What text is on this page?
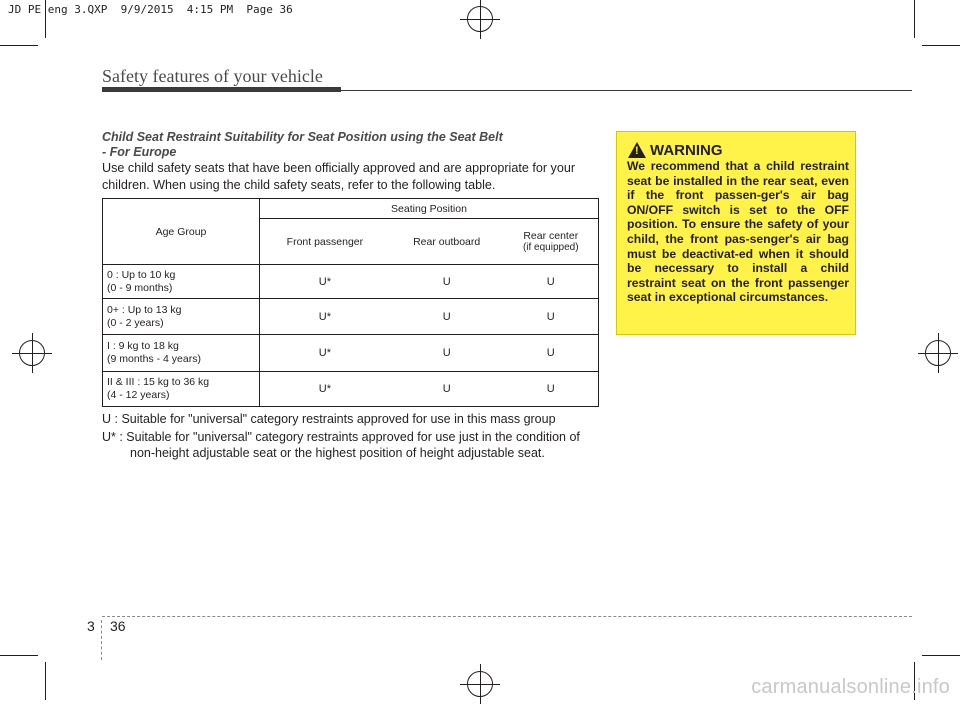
JD PE eng 3.QXP  9/9/2015  4:15 PM  Page 36
Safety features of your vehicle
Child Seat Restraint Suitability for Seat Position using the Seat Belt
- For Europe
Use child safety seats that have been officially approved and are appropriate for your children. When using the child safety seats, refer to the following table.
Age Group	Seating Position		
	Front passenger	Rear outboard	Rear center
(if equipped)

0 : Up to 10 kg
(0 - 9 months)	U*	U	U

0+ : Up to 13 kg
(0 - 2 years)	U*	U	U

I : 9 kg to 18 kg
(9 months - 4 years)	U*	U	U

II & III : 15 kg to 36 kg
(4 - 12 years)	U*	U	U
U : Suitable for "universal" category restraints approved for use in this mass group
U* : Suitable for "universal" category restraints approved for use just in the condition of
non-height adjustable seat or the highest position of height adjustable seat.
!
WARNING
We recommend that a child restraint seat be installed in the rear seat, even if the front passen-ger's air bag ON/OFF switch is set to the OFF position. To ensure the safety of your child, the front pas-senger's air bag must be deactivat-ed when it should be necessary to install a child restraint seat on the front passenger seat in exceptional circumstances.
3 36
carmanualsonline.info
